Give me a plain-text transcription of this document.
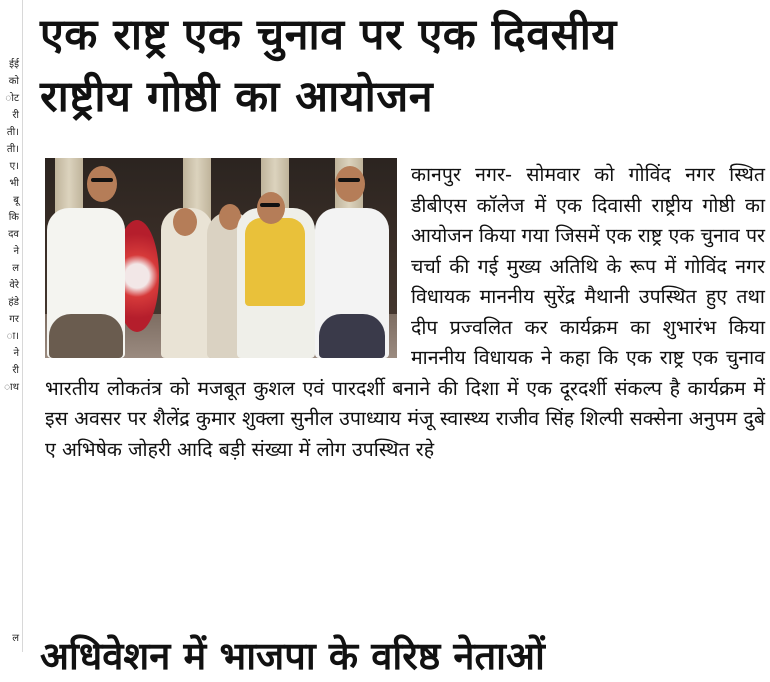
ईई
को
ोट
री
ती।
ती।
ए।
भी
बू
कि
दव
ने
ल
वेरे
हंडे
गर
ा।
ने
री
ाथ
ल
एक राष्ट्र एक चुनाव पर एक दिवसीय
राष्ट्रीय गोष्ठी का आयोजन

कानपुर नगर- सोमवार को गोविंद नगर स्थित डीबीएस कॉलेज में एक दिवासी राष्ट्रीय गोष्ठी का आयोजन किया गया जिसमें एक राष्ट्र एक चुनाव पर चर्चा की गई मुख्य अतिथि के रूप में गोविंद नगर विधायक माननीय सुरेंद्र मैथानी उपस्थित हुए तथा दीप प्रज्वलित कर कार्यक्रम का शुभारंभ किया माननीय विधायक ने कहा कि एक राष्ट्र एक चुनाव भारतीय लोकतंत्र को मजबूत कुशल एवं पारदर्शी बनाने की दिशा में एक दूरदर्शी संकल्प है कार्यक्रम में इस अवसर पर शैलेंद्र कुमार शुक्ला सुनील उपाध्याय मंजू स्वास्थ्य राजीव सिंह शिल्पी सक्सेना अनुपम दुबे ए अभिषेक जोहरी आदि बड़ी संख्या में लोग उपस्थित रहे

अधिवेशन में भाजपा के वरिष्ठ नेताओं
